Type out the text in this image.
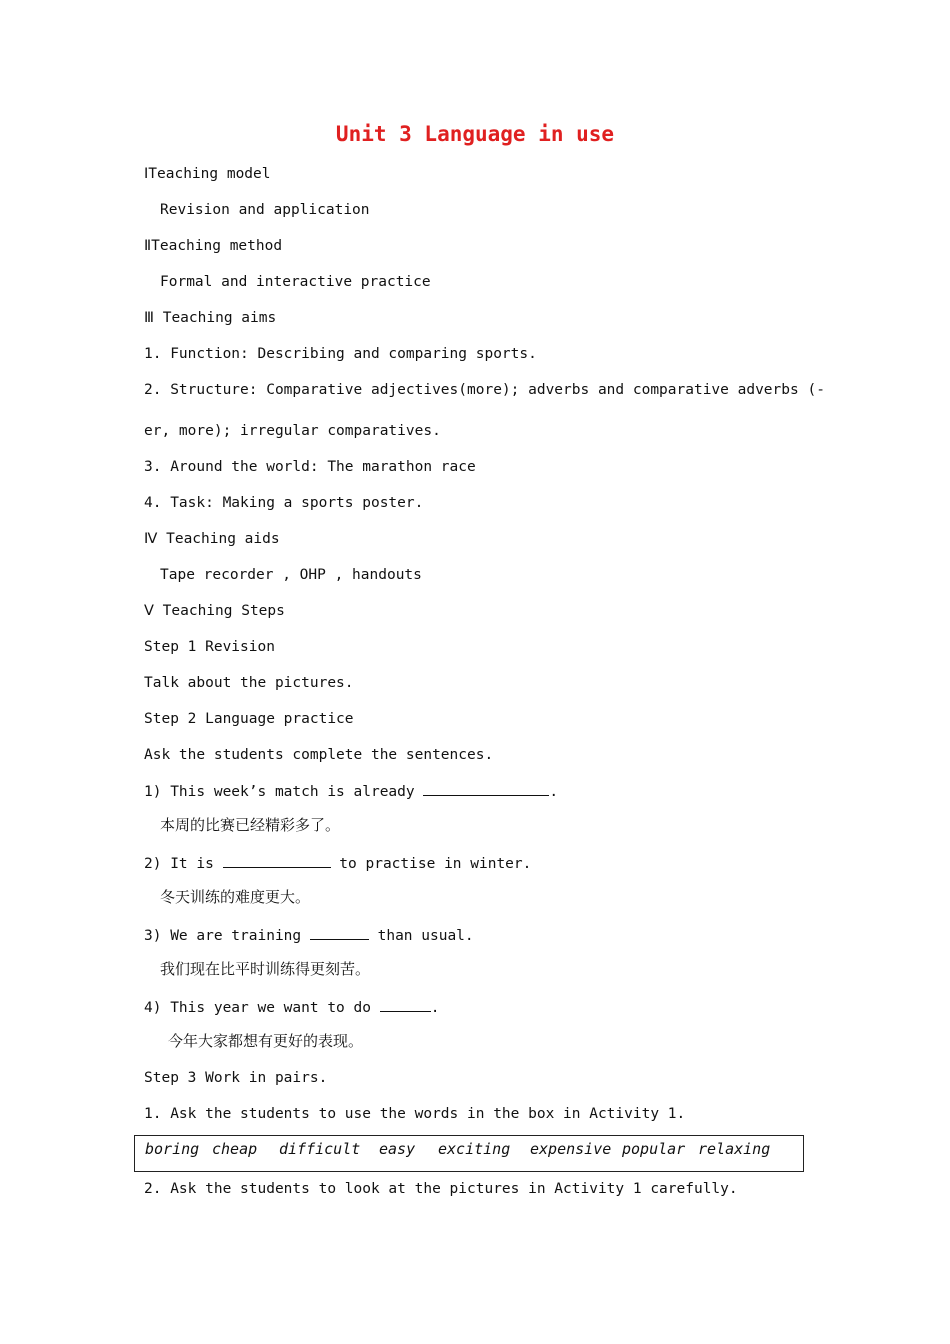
Unit 3 Language in use
ⅠTeaching model
Revision and application
ⅡTeaching method
Formal and interactive practice
Ⅲ Teaching aims
1. Function: Describing and comparing sports.
2. Structure: Comparative adjectives(more); adverbs and comparative adverbs (-
er, more); irregular comparatives.
3. Around the world: The marathon race
4. Task: Making a sports poster.
Ⅳ Teaching aids
Tape recorder , OHP , handouts
Ⅴ Teaching Steps
Step 1 Revision
Talk about the pictures.
Step 2 Language practice
Ask the students complete the sentences.
1) This week’s match is already	.
本周的比赛已经精彩多了。
2) It is	to practise in winter.
冬天训练的难度更大。
3) We are training	than usual.
我们现在比平时训练得更刻苦。
4) This year we want to do	.
今年大家都想有更好的表现。
Step 3 Work in pairs.
1. Ask the students to use the words in the box in Activity 1.
boring cheap difficult easy exciting expensive popular relaxing
2. Ask the students to look at the pictures in Activity 1 carefully.
